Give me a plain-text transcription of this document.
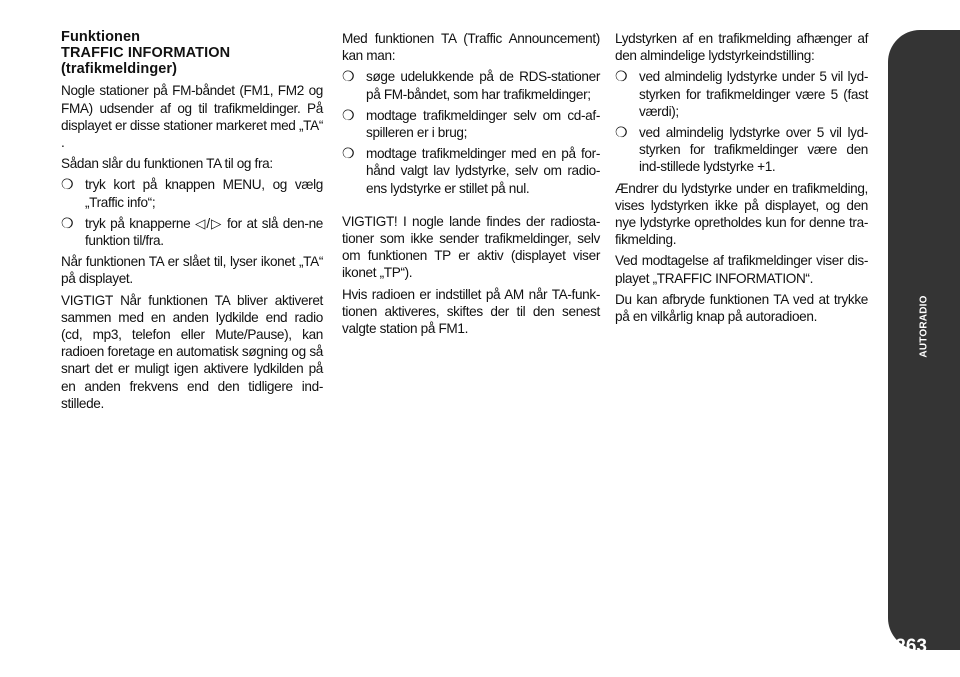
Funktionen
TRAFFIC INFORMATION
(trafikmeldinger)

Nogle stationer på FM-båndet (FM1, FM2 og FMA) udsender af og til trafikmeldinger. På displayet er disse stationer markeret med „TA“ .

Sådan slår du funktionen TA til og fra:

❍ tryk kort på knappen MENU, og vælg „Traffic info“;
❍ tryk på knapperne ◁/▷ for at slå den-ne funktion til/fra.

Når funktionen TA er slået til, lyser ikonet „TA“ på displayet.

VIGTIGT Når funktionen TA bliver aktiveret sammen med en anden lydkilde end radio (cd, mp3, telefon eller Mute/Pause), kan radioen foretage en automatisk søgning og så snart det er muligt igen aktivere lydkilden på en anden frekvens end den tidligere ind-stillede.

Med funktionen TA (Traffic Announcement) kan man:

❍ søge udelukkende på de RDS-stationer på FM-båndet, som har trafikmeldinger;
❍ modtage trafikmeldinger selv om cd-af-spilleren er i brug;
❍ modtage trafikmeldinger med en på for-hånd valgt lav lydstyrke, selv om radio-ens lydstyrke er stillet på nul.

VIGTIGT! I nogle lande findes der radiosta-tioner som ikke sender trafikmeldinger, selv om funktionen TP er aktiv (displayet viser ikonet „TP“).

Hvis radioen er indstillet på AM når TA-funk-tionen aktiveres, skiftes der til den senest valgte station på FM1.

Lydstyrken af en trafikmelding afhænger af den almindelige lydstyrkeindstilling:

❍ ved almindelig lydstyrke under 5 vil lyd-styrken for trafikmeldinger være 5 (fast værdi);
❍ ved almindelig lydstyrke over 5 vil lyd-styrken for trafikmeldinger være den ind-stillede lydstyrke +1.

Ændrer du lydstyrke under en trafikmelding, vises lydstyrken ikke på displayet, og den nye lydstyrke opretholdes kun for denne tra-fikmelding.

Ved modtagelse af trafikmeldinger viser dis-playet „TRAFFIC INFORMATION“.

Du kan afbryde funktionen TA ved at trykke på en vilkårlig knap på autoradioen.	AUTORADIO
263
